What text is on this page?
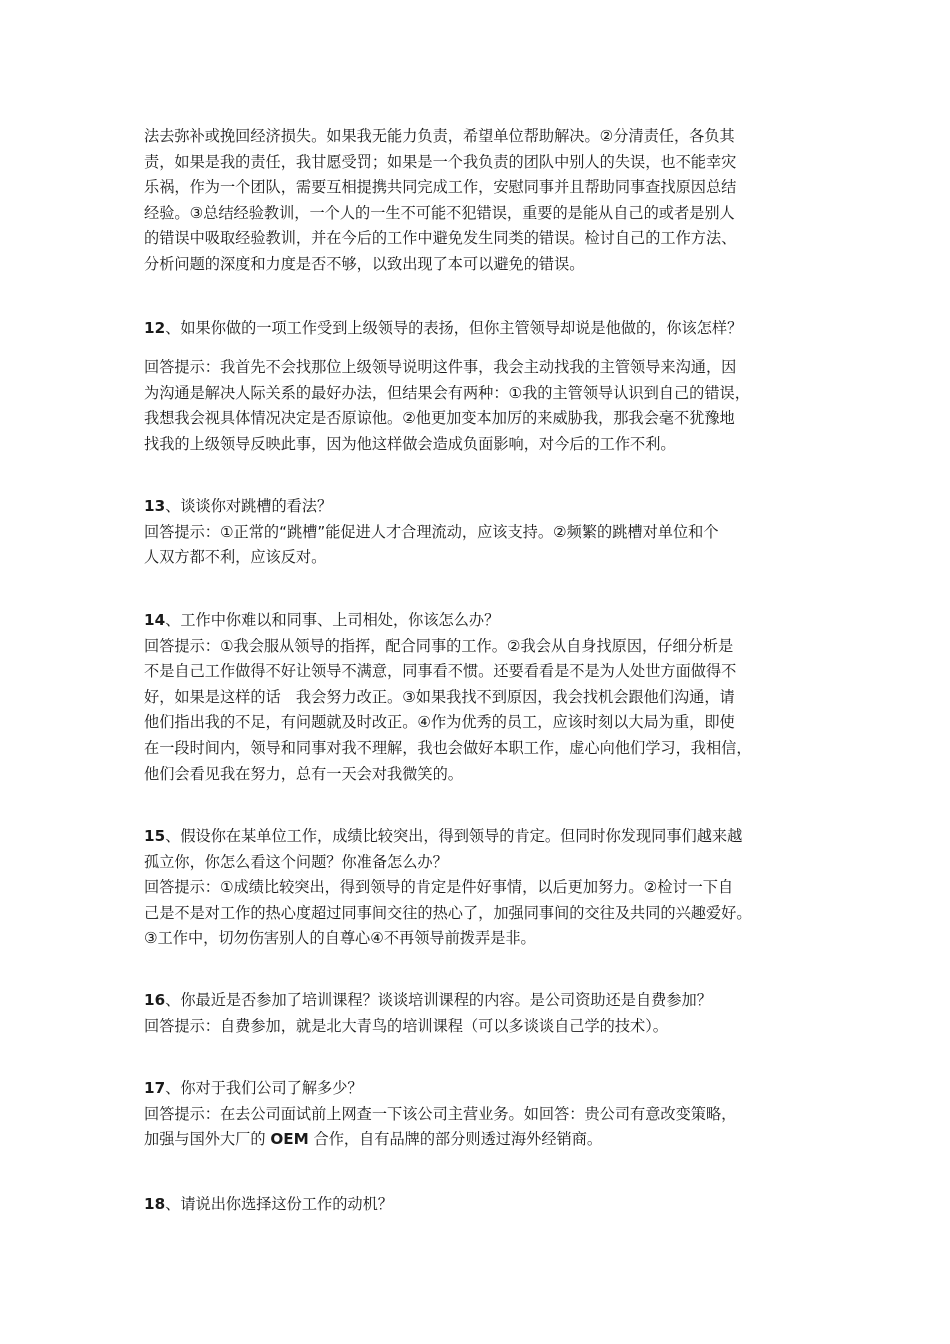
法去弥补或挽回经济损失。如果我无能力负责，希望单位帮助解决。②分清责任，各负其
责，如果是我的责任，我甘愿受罚；如果是一个我负责的团队中别人的失误，也不能幸灾
乐祸，作为一个团队，需要互相提携共同完成工作，安慰同事并且帮助同事查找原因总结
经验。③总结经验教训，一个人的一生不可能不犯错误，重要的是能从自己的或者是别人
的错误中吸取经验教训，并在今后的工作中避免发生同类的错误。检讨自己的工作方法、
分析问题的深度和力度是否不够，以致出现了本可以避免的错误。
12、如果你做的一项工作受到上级领导的表扬，但你主管领导却说是他做的，你该怎样？
回答提示：我首先不会找那位上级领导说明这件事，我会主动找我的主管领导来沟通，因
为沟通是解决人际关系的最好办法，但结果会有两种：①我的主管领导认识到自己的错误，
我想我会视具体情况决定是否原谅他。②他更加变本加厉的来威胁我，那我会毫不犹豫地
找我的上级领导反映此事，因为他这样做会造成负面影响，对今后的工作不利。
13、谈谈你对跳槽的看法？
回答提示：①正常的“跳槽”能促进人才合理流动，应该支持。②频繁的跳槽对单位和个
人双方都不利，应该反对。
14、工作中你难以和同事、上司相处，你该怎么办？
回答提示：①我会服从领导的指挥，配合同事的工作。②我会从自身找原因，仔细分析是
不是自己工作做得不好让领导不满意，同事看不惯。还要看看是不是为人处世方面做得不
好，如果是这样的话　我会努力改正。③如果我找不到原因，我会找机会跟他们沟通，请
他们指出我的不足，有问题就及时改正。④作为优秀的员工，应该时刻以大局为重，即使
在一段时间内，领导和同事对我不理解，我也会做好本职工作，虚心向他们学习，我相信，
他们会看见我在努力，总有一天会对我微笑的。
15、假设你在某单位工作，成绩比较突出，得到领导的肯定。但同时你发现同事们越来越
孤立你，你怎么看这个问题？你准备怎么办？
回答提示：①成绩比较突出，得到领导的肯定是件好事情，以后更加努力。②检讨一下自
己是不是对工作的热心度超过同事间交往的热心了，加强同事间的交往及共同的兴趣爱好。
③工作中，切勿伤害别人的自尊心④不再领导前拨弄是非。
16、你最近是否参加了培训课程？谈谈培训课程的内容。是公司资助还是自费参加？
回答提示：自费参加，就是北大青鸟的培训课程（可以多谈谈自己学的技术）。
17、你对于我们公司了解多少？
回答提示：在去公司面试前上网查一下该公司主营业务。如回答：贵公司有意改变策略，
加强与国外大厂的 OEM 合作，自有品牌的部分则透过海外经销商。
18、请说出你选择这份工作的动机？
